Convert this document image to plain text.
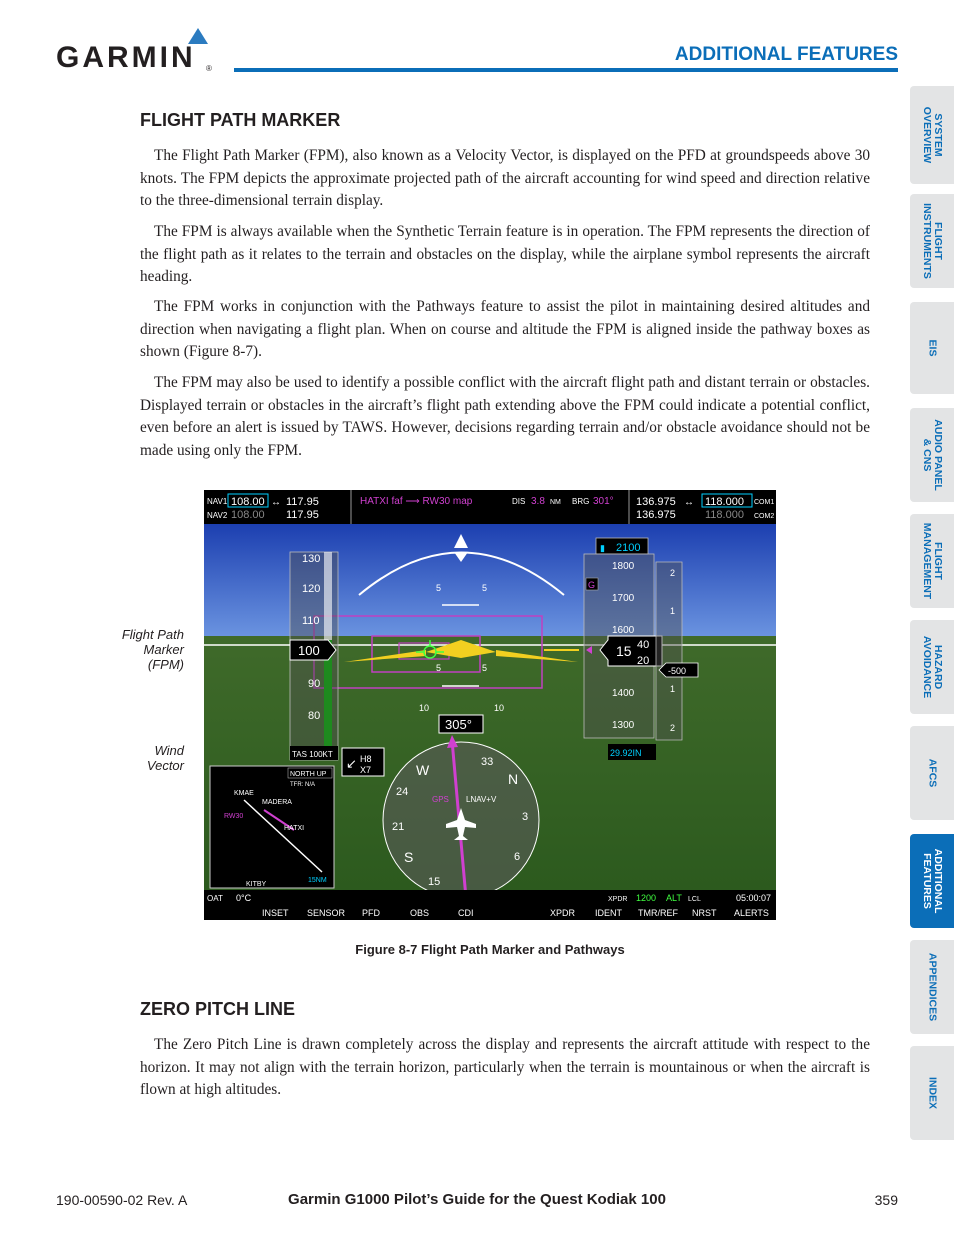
GARMIN ®
ADDITIONAL FEATURES
FLIGHT PATH MARKER

The Flight Path Marker (FPM), also known as a Velocity Vector, is displayed on the PFD at groundspeeds above 30 knots. The FPM depicts the approximate projected path of the aircraft accounting for wind speed and direction relative to the three-dimensional terrain display.

The FPM is always available when the Synthetic Terrain feature is in operation. The FPM represents the direction of the flight path as it relates to the terrain and obstacles on the display, while the airplane symbol represents the aircraft heading.

The FPM works in conjunction with the Pathways feature to assist the pilot in maintaining desired altitudes and direction when navigating a flight plan. When on course and altitude the FPM is aligned inside the pathway boxes as shown (Figure 8-7).

The FPM may also be used to identify a possible conflict with the aircraft flight path and distant terrain or obstacles. Displayed terrain or obstacles in the aircraft’s flight path extending above the FPM could indicate a potential conflict, even before an alert is issued by TAWS. However, decisions regarding terrain and/or obstacle avoidance should not be made using only the FPM.

Flight Path
Marker
(FPM)
Wind
Vector
NAV1 108.00 ↔ 117.95
NAV2 108.00 117.95
HATXI faf ⟶ RW30 map	DIS 3.8 NM BRG 301° 136.975 ↔ 118.000 COM1
136.975	118.000 COM2
5	5
5	5
10	10
130
120
110
90
80
100
TAS 100KT
▮ 2100
G
1800
1700
1600
1400
1300
15 40
20
29.92IN
2
1
1
2
-500
305°
W	33
N
3
6
S
21
24
15
GPS LNAV+V
↙ H8
X7
NORTH UP
TFR: N/A
KMAE
MADERA
HATXI
RW30
KITBY
15NM
OAT 0°C	XPDR 1200 ALT LCL	05:00:07
INSET SENSOR PFD	OBS	CDI	XPDR IDENT TMR/REF NRST ALERTS
Figure 8-7 Flight Path Marker and Pathways
ZERO PITCH LINE

The Zero Pitch Line is drawn completely across the display and represents the aircraft attitude with respect to the horizon. It may not align with the terrain horizon, particularly when the terrain is mountainous or when the aircraft is flown at high altitudes.

SYSTEM
OVERVIEW
FLIGHT
INSTRUMENTS
EIS
AUDIO PANEL
& CNS
FLIGHT
MANAGEMENT
HAZARD
AVOIDANCE
AFCS
ADDITIONAL
FEATURES
APPENDICES
INDEX
190-00590-02 Rev. A	Garmin G1000 Pilot’s Guide for the Quest Kodiak 100	359
